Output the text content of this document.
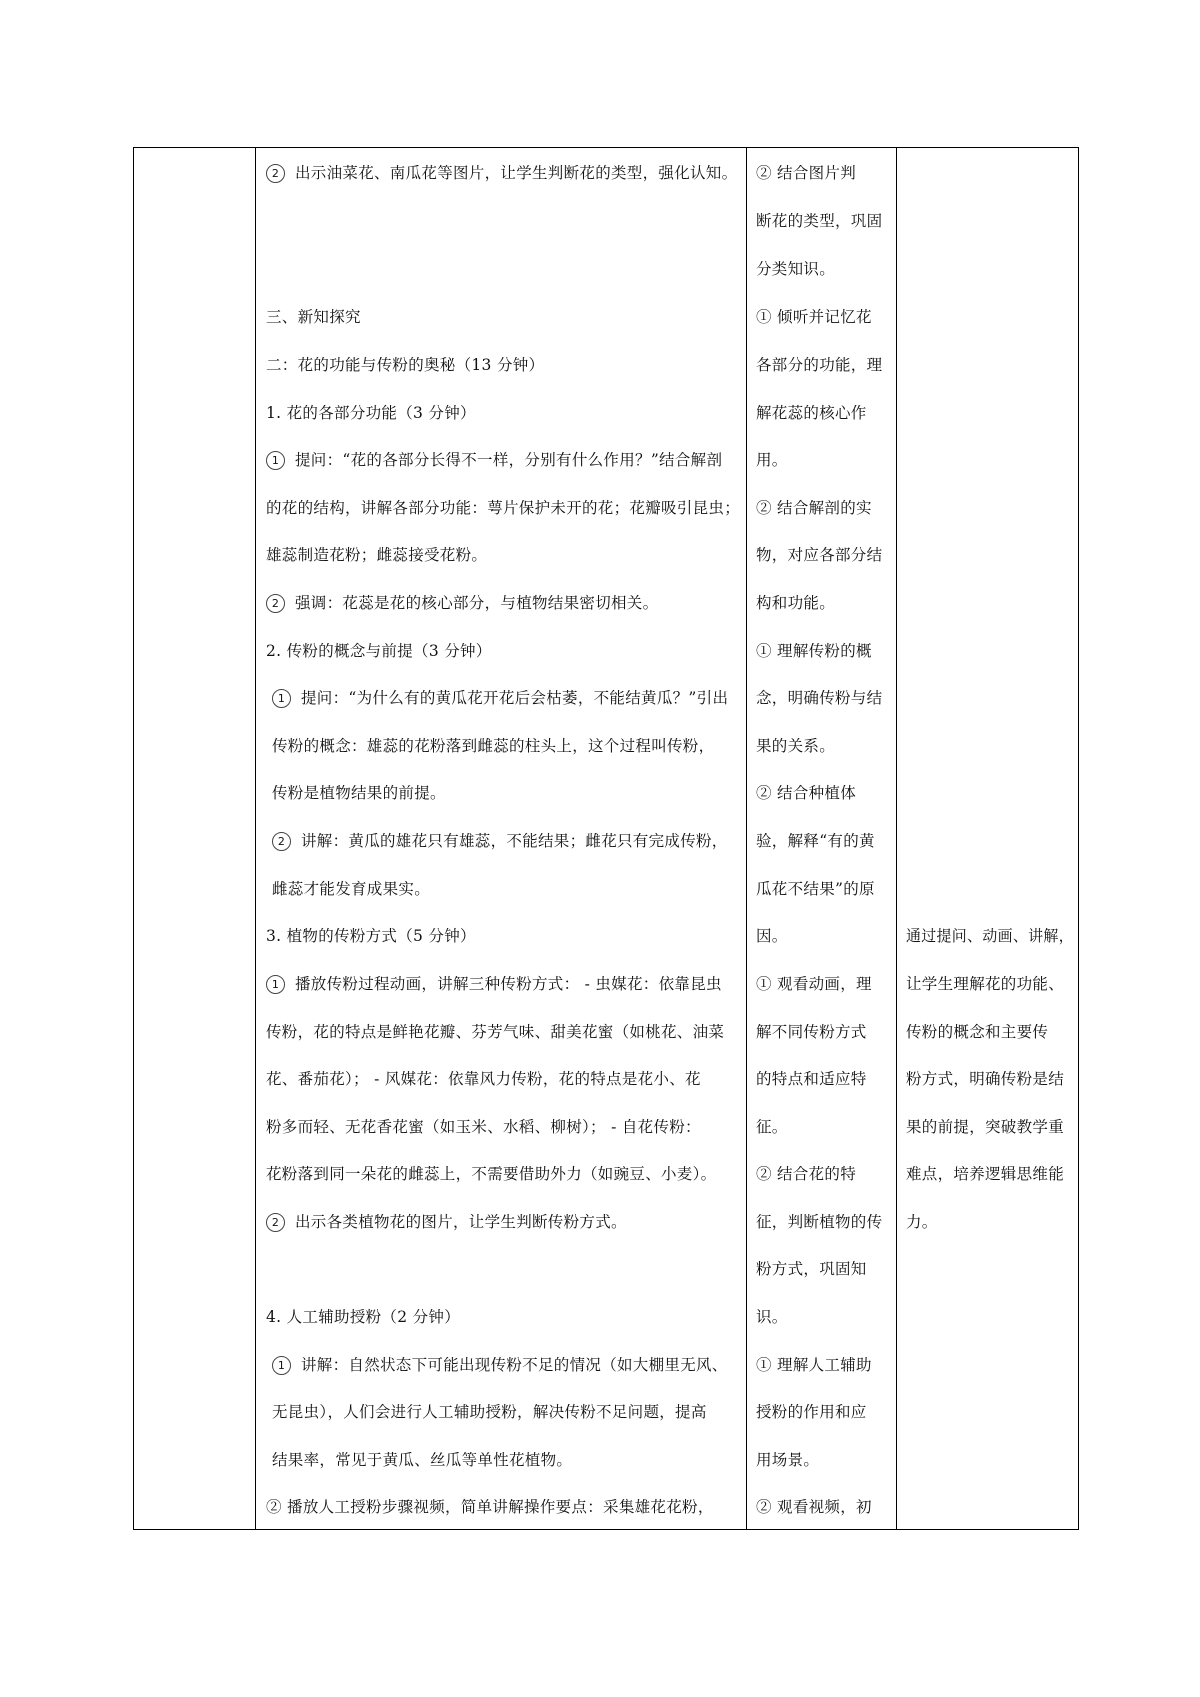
2 出示油菜花、南瓜花等图片，让学生判断花的类型，强化认知。
三、新知探究
二：花的功能与传粉的奥秘（13 分钟）
1. 花的各部分功能（3 分钟）
1 提问：“花的各部分长得不一样，分别有什么作用？”结合解剖
的花的结构，讲解各部分功能：萼片保护未开的花；花瓣吸引昆虫；
雄蕊制造花粉；雌蕊接受花粉。
2 强调：花蕊是花的核心部分，与植物结果密切相关。
2. 传粉的概念与前提（3 分钟）
1 提问：“为什么有的黄瓜花开花后会枯萎，不能结黄瓜？”引出
传粉的概念：雄蕊的花粉落到雌蕊的柱头上，这个过程叫传粉，
传粉是植物结果的前提。
2 讲解：黄瓜的雄花只有雄蕊，不能结果；雌花只有完成传粉，
雌蕊才能发育成果实。
3. 植物的传粉方式（5 分钟）
1 播放传粉过程动画，讲解三种传粉方式： - 虫媒花：依靠昆虫
传粉，花的特点是鲜艳花瓣、芬芳气味、甜美花蜜（如桃花、油菜
花、番茄花）； - 风媒花：依靠风力传粉，花的特点是花小、花
粉多而轻、无花香花蜜（如玉米、水稻、柳树）； - 自花传粉：
花粉落到同一朵花的雌蕊上，不需要借助外力（如豌豆、小麦）。
2 出示各类植物花的图片，让学生判断传粉方式。
4. 人工辅助授粉（2 分钟）
1 讲解：自然状态下可能出现传粉不足的情况（如大棚里无风、
无昆虫），人们会进行人工辅助授粉，解决传粉不足问题，提高
结果率，常见于黄瓜、丝瓜等单性花植物。
② 播放人工授粉步骤视频，简单讲解操作要点：采集雄花花粉，
② 结合图片判
断花的类型，巩固
分类知识。
① 倾听并记忆花
各部分的功能，理
解花蕊的核心作
用。
② 结合解剖的实
物，对应各部分结
构和功能。
① 理解传粉的概
念，明确传粉与结
果的关系。
② 结合种植体
验，解释“有的黄
瓜花不结果”的原
因。
① 观看动画，理
解不同传粉方式
的特点和适应特
征。
② 结合花的特
征，判断植物的传
粉方式，巩固知
识。
① 理解人工辅助
授粉的作用和应
用场景。
② 观看视频，初
通过提问、动画、讲解，
让学生理解花的功能、
传粉的概念和主要传
粉方式，明确传粉是结
果的前提，突破教学重
难点，培养逻辑思维能
力。
